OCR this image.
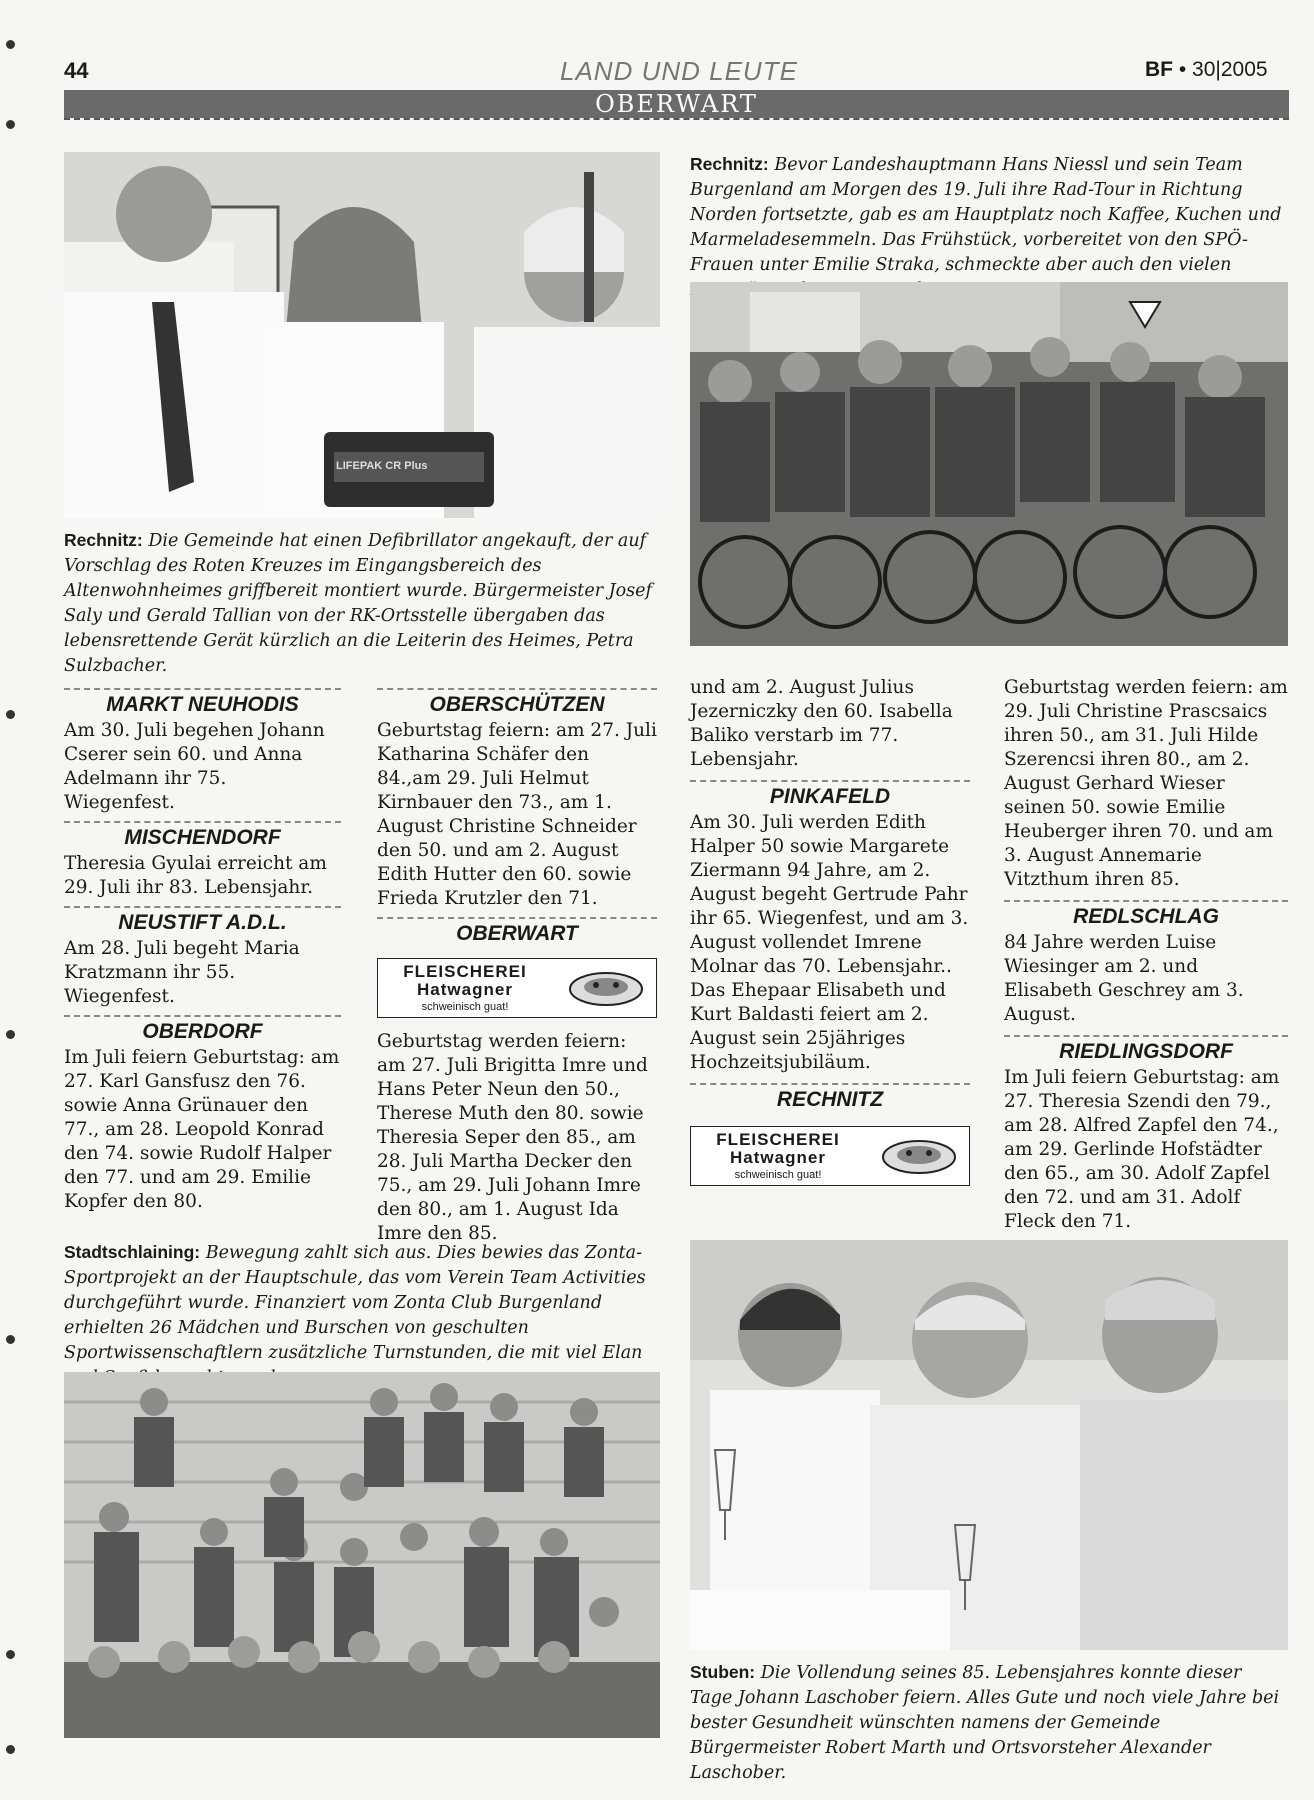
44	LAND UND LEUTE	BF • 30|2005
OBERWART
LIFEPAK CR Plus
Rechnitz: Die Gemeinde hat einen Defibrillator angekauft, der auf Vorschlag des Roten Kreuzes im Eingangsbereich des Altenwohnheimes griffbereit montiert wurde. Bürgermeister Josef Saly und Gerald Tallian von der RK-Ortsstelle übergaben das lebensrettende Gerät kürzlich an die Leiterin des Heimes, Petra Sulzbacher.
Rechnitz: Bevor Landeshauptmann Hans Niessl und sein Team Burgenland am Morgen des 19. Juli ihre Rad-Tour in Richtung Norden fortsetzte, gab es am Hauptplatz noch Kaffee, Kuchen und Marmeladesemmeln. Das Frühstück, vorbereitet von den SPÖ-Frauen unter Emilie Straka, schmeckte aber auch den vielen
MARKT NEUHODIS
Am 30. Juli begehen Johann Cserer sein 60. und Anna Adelmann ihr 75. Wiegenfest.
MISCHENDORF
Theresia Gyulai erreicht am 29. Juli ihr 83. Lebensjahr.
NEUSTIFT A.D.L.
Am 28. Juli begeht Maria Kratzmann ihr 55. Wiegenfest.
OBERDORF
Im Juli feiern Geburtstag: am 27. Karl Gansfusz den 76. sowie Anna Grünauer den 77., am 28. Leopold Konrad den 74. sowie Rudolf Halper den 77. und am 29. Emilie Kopfer den 80.
OBERSCHÜTZEN
Geburtstag feiern: am 27. Juli Katharina Schäfer den 84.,am 29. Juli Helmut Kirnbauer den 73., am 1. August Christine Schneider den 50. und am 2. August Edith Hutter den 60. sowie Frieda Krutzler den 71.
OBERWART
FLEISCHEREI
Hatwagner
schweinisch guat!
Geburtstag werden feiern: am 27. Juli Brigitta Imre und Hans Peter Neun den 50., Therese Muth den 80. sowie Theresia Seper den 85., am 28. Juli Martha Decker den 75., am 29. Juli Johann Imre den 80., am 1. August Ida Imre den 85.
und am 2. August Julius Jezerniczky den 60. Isabella Baliko verstarb im 77. Lebensjahr.
PINKAFELD
Am 30. Juli werden Edith Halper 50 sowie Margarete Ziermann 94 Jahre, am 2. August begeht Gertrude Pahr ihr 65. Wiegenfest, und am 3. August vollendet Imrene Molnar das 70. Lebensjahr.. Das Ehepaar Elisabeth und Kurt Baldasti feiert am 2. August sein 25jähriges Hochzeitsjubiläum.
RECHNITZ
FLEISCHEREI
Hatwagner
schweinisch guat!
Geburtstag werden feiern: am 29. Juli Christine Prascsaics ihren 50., am 31. Juli Hilde Szerencsi ihren 80., am 2. August Gerhard Wieser seinen 50. sowie Emilie Heuberger ihren 70. und am 3. August Annemarie Vitzthum ihren 85.
REDLSCHLAG
84 Jahre werden Luise Wiesinger am 2. und Elisabeth Geschrey am 3. August.
RIEDLINGSDORF
Im Juli feiern Geburtstag: am 27. Theresia Szendi den 79., am 28. Alfred Zapfel den 74., am 29. Gerlinde Hofstädter den 65., am 30. Adolf Zapfel den 72. und am 31. Adolf Fleck den 71.
Stadtschlaining: Bewegung zahlt sich aus. Dies bewies das Zonta-Sportprojekt an der Hauptschule, das vom Verein Team Activities durchgeführt wurde. Finanziert vom Zonta Club Burgenland erhielten 26 Mädchen und Burschen von geschulten Sportwissenschaftlern zusätzliche Turnstunden, die mit viel Elan
Stuben: Die Vollendung seines 85. Lebensjahres konnte dieser Tage Johann Laschober feiern. Alles Gute und noch viele Jahre bei bester Gesundheit wünschten namens der Gemeinde Bürgermeister Robert Marth und Ortsvorsteher Alexander Laschober.
